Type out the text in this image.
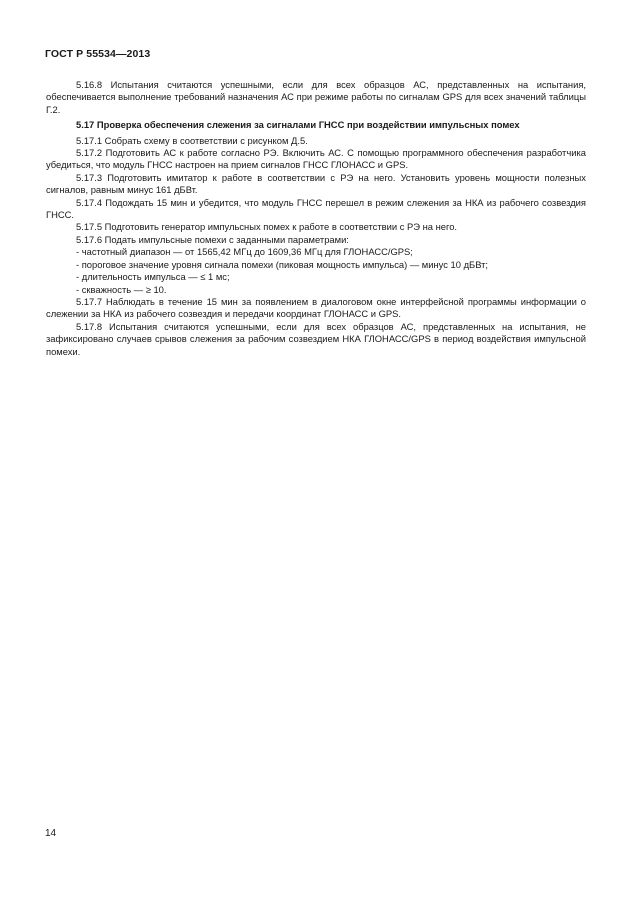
ГОСТ Р 55534—2013

5.16.8 Испытания считаются успешными, если для всех образцов АС, представленных на испытания, обеспечивается выполнение требований назначения АС при режиме работы по сигналам GPS для всех значений таблицы Г.2.

5.17 Проверка обеспечения слежения за сигналами ГНСС при воздействии импульсных помех

5.17.1 Собрать схему в соответствии с рисунком Д.5.

5.17.2 Подготовить АС к работе согласно РЭ. Включить АС. С помощью программного обеспечения разработчика убедиться, что модуль ГНСС настроен на прием сигналов ГНСС ГЛОНАСС и GPS.

5.17.3 Подготовить имитатор к работе в соответствии с РЭ на него. Установить уровень мощности полезных сигналов, равным минус 161 дБВт.

5.17.4 Подождать 15 мин и убедится, что модуль ГНСС перешел в режим слежения за НКА из рабочего созвездия ГНСС.

5.17.5 Подготовить генератор импульсных помех к работе в соответствии с РЭ на него.

5.17.6 Подать импульсные помехи с заданными параметрами:

- частотный диапазон — от 1565,42 МГц до 1609,36 МГц для ГЛОНАСС/GPS;

- пороговое значение уровня сигнала помехи (пиковая мощность импульса) — минус 10 дБВт;

- длительность импульса — ≤ 1 мс;

- скважность — ≥ 10.

5.17.7 Наблюдать в течение 15 мин за появлением в диалоговом окне интерфейсной программы информации о слежении за НКА из рабочего созвездия и передачи координат ГЛОНАСС и GPS.

5.17.8 Испытания считаются успешными, если для всех образцов АС, представленных на испытания, не зафиксировано случаев срывов слежения за рабочим созвездием НКА ГЛОНАСС/GPS в период воздействия импульсной помехи.

14
